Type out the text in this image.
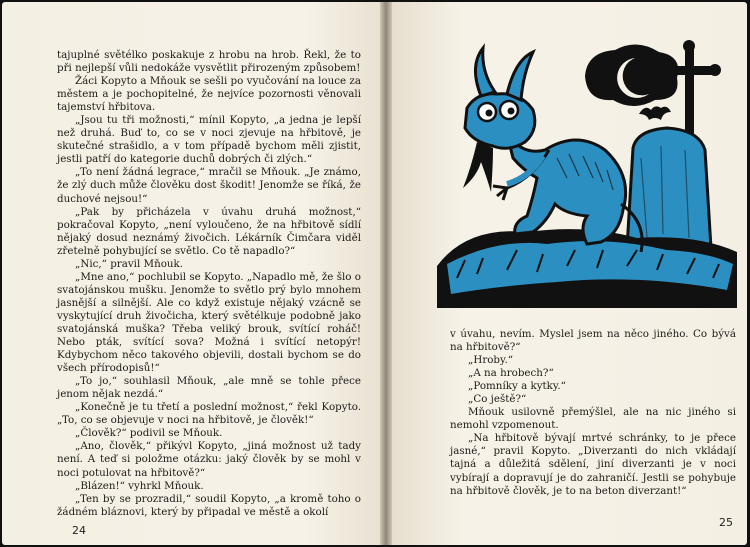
tajuplné světélko poskakuje z hrobu na hrob. Řekl, že to při nejlepší vůli nedokáže vysvětlit přirozeným způsobem!

Žáci Kopyto a Mňouk se sešli po vyučování na louce za městem a je pochopitelné, že nejvíce pozornosti věnovali tajemství hřbitova.

„Jsou tu tři možnosti,“ mínil Kopyto, „a jedna je lepší než druhá. Buď to, co se v noci zjevuje na hřbitově, je skutečné strašidlo, a v tom případě bychom měli zjistit, jestli patří do kategorie duchů dobrých či zlých.“

„To není žádná legrace,“ mračil se Mňouk. „Je známo, že zlý duch může člověku dost škodit! Jenomže se říká, že duchové nejsou!“

„Pak by přicházela v úvahu druhá možnost,“ pokračoval Kopyto, „není vyloučeno, že na hřbitově sídlí nějaký dosud neznámý živočich. Lékárník Čimčara viděl zřetelně pohybující se světlo. Co tě napadlo?“

„Nic,“ pravil Mňouk.

„Mne ano,“ pochlubil se Kopyto. „Napadlo mě, že šlo o svatojánskou mušku. Jenomže to světlo prý bylo mnohem jasnější a silnější. Ale co když existuje nějaký vzácně se vyskytující druh živočicha, který světélkuje podobně jako svatojánská muška? Třeba veliký brouk, svítící roháč! Nebo pták, svítící sova? Možná i svítící netopýr! Kdybychom něco takového objevili, dostali bychom se do všech přírodopisů!“

„To jo,“ souhlasil Mňouk, „ale mně se tohle přece jenom nějak nezdá.“

„Konečně je tu třetí a poslední možnost,“ řekl Kopyto. „To, co se objevuje v noci na hřbitově, je člověk!“

„Člověk?“ podivil se Mňouk.

„Ano, člověk,“ přikývl Kopyto, „jiná možnost už tady není. A teď si položme otázku: jaký člověk by se mohl v noci potulovat na hřbitově?“

„Blázen!“ vyhrkl Mňouk.

„Ten by se prozradil,“ soudil Kopyto, „a kromě toho o žádném bláznovi, který by připadal ve městě a okolí

24

v úvahu, nevím. Myslel jsem na něco jiného. Co bývá na hřbitově?“

„Hroby.“

„A na hrobech?“

„Pomníky a kytky.“

„Co ještě?“

Mňouk usilovně přemýšlel, ale na nic jiného si nemohl vzpomenout.

„Na hřbitově bývají mrtvé schránky, to je přece jasné,“ pravil Kopyto. „Diverzanti do nich vkládají tajná a důležitá sdělení, jiní diverzanti je v noci vybírají a dopravují je do zahraničí. Jestli se pohybuje na hřbitově člověk, je to na beton diverzant!“

25
